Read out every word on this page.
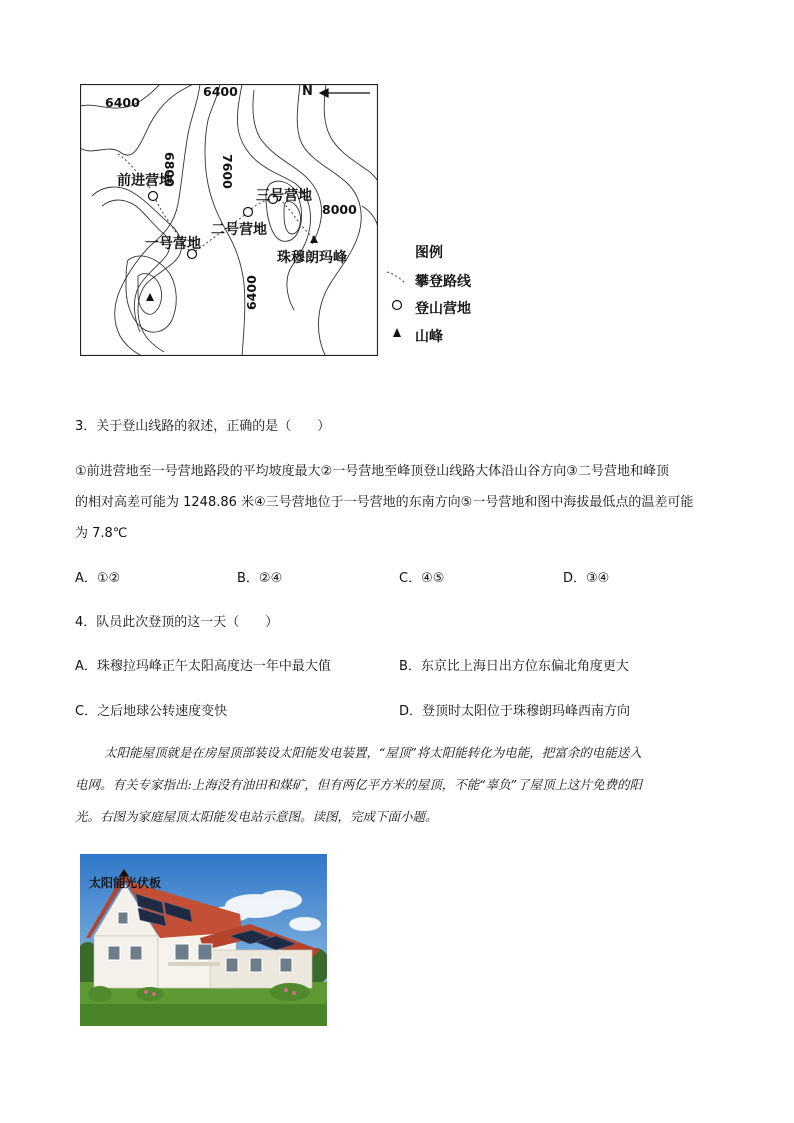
N
6400
6400
6800	7600
8000
6400
前进营地
三号营地
二号营地
一号营地
珠穆朗玛峰	图例
攀登路线
登山营地
山峰
3．关于登山线路的叙述，正确的是（　　）
①前进营地至一号营地路段的平均坡度最大②一号营地至峰顶登山线路大体沿山谷方向③二号营地和峰顶
的相对高差可能为 1248.86 米④三号营地位于一号营地的东南方向⑤一号营地和图中海拔最低点的温差可能
为 7.8℃
A．①②	B．②④	C．④⑤	D．③④
4．队员此次登顶的这一天（　　）
A．珠穆拉玛峰正午太阳高度达一年中最大值	B．东京比上海日出方位东偏北角度更大
C．之后地球公转速度变快	D．登顶时太阳位于珠穆朗玛峰西南方向
太阳能屋顶就是在房屋顶部装设太阳能发电装置，“屋顶”将太阳能转化为电能，把富余的电能送入
电网。有关专家指出:上海没有油田和煤矿，但有两亿平方米的屋顶，不能“辜负”了屋顶上这片免费的阳
光。右图为家庭屋顶太阳能发电站示意图。读图，完成下面小题。
太阳能光伏板
